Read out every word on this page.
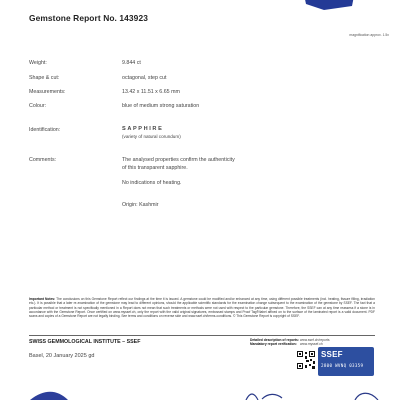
Gemstone Report No. 143923
magnification approx. 1.5x
Weight:	9.844 ct
Shape & cut:	octagonal, step cut
Measurements:	13.42 x 11.51 x 6.65 mm
Colour:	blue of medium strong saturation
Identification:	SAPPHIRE
(variety of natural corundum)
Comments:	The analysed properties confirm the authenticity
of this transparent sapphire.
No indications of heating.
Origin: Kashmir
Important Notes: The conclusions on this Gemstone Report reflect our findings at the time it is issued. A gemstone could be modified and/or enhanced at any time, using different possible treatments (incl. heating, fissure filling, irradiation etc.). It is possible that a later re-examination of the gemstone may lead to different opinions, should the applicable scientific standards for the examination change subsequent to the examination of the gemstone by SSEF. The fact that a particular method or treatment is not specifically mentioned in a Report does not mean that such treatments or methods were not used with respect to the particular gemstone. Therefore, the SSEF can at any time reassess if a stone is in accordance with the Gemstone Report. Once certified on www.myssef.ch, only the report with the valid original signatures, embossed stamps and Proof Tag®/label affixed on to the surface of the laminated report is a valid document. PDF scans and copies of a Gemstone Report are not legally binding. See terms and conditions on reverse side and www.ssef.ch/terms-conditions. © This Gemstone Report is copyright of SSEF.
SWISS GEMMOLOGICAL INSTITUTE – SSEF
Basel, 20 January 2025 gd
Detailed description of reports: www.ssef.ch/reports
Mandatory report verification: www.myssef.ch
SSEF
2800 WVNQ 03359
